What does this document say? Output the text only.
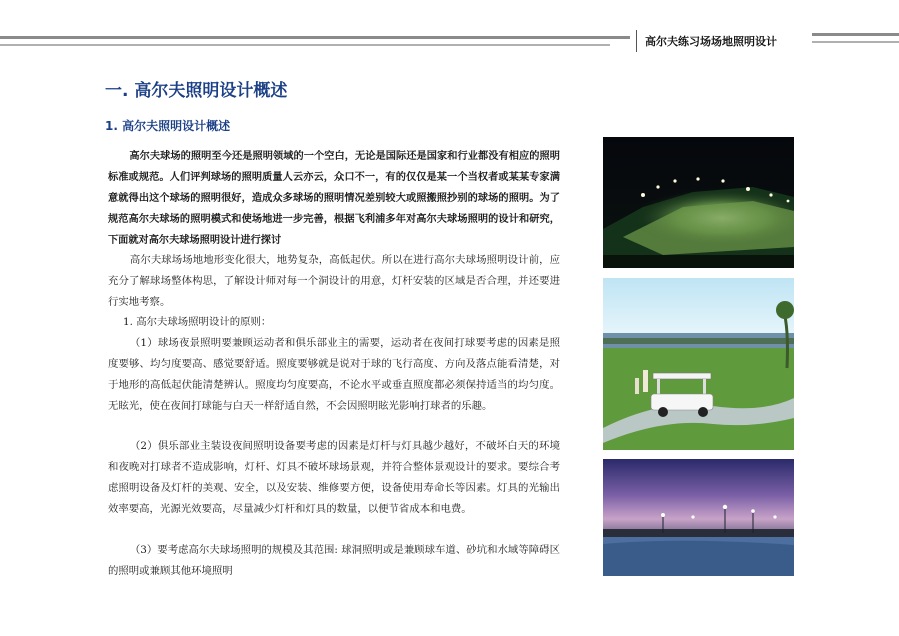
高尔夫练习场场地照明设计
一. 高尔夫照明设计概述
1. 高尔夫照明设计概述

高尔夫球场的照明至今还是照明领域的一个空白，无论是国际还是国家和行业都没有相应的照明标准或规范。人们评判球场的照明质量人云亦云，众口不一，有的仅仅是某一个当权者或某某专家满意就得出这个球场的照明很好，造成众多球场的照明情况差别较大或照搬照抄别的球场的照明。为了规范高尔夫球场的照明模式和使场地进一步完善，根据飞利浦多年对高尔夫球场照明的设计和研究，下面就对高尔夫球场照明设计进行探讨

高尔夫球场场地地形变化很大，地势复杂，高低起伏。所以在进行高尔夫球场照明设计前，应充分了解球场整体构思，了解设计师对每一个洞设计的用意，灯杆安装的区域是否合理，并还要进行实地考察。

1. 高尔夫球场照明设计的原则：

（1）球场夜景照明要兼顾运动者和俱乐部业主的需要，运动者在夜间打球要考虑的因素是照度要够、均匀度要高、感觉要舒适。照度要够就是说对于球的飞行高度、方向及落点能看清楚，对于地形的高低起伏能清楚辨认。照度均匀度要高，不论水平或垂直照度都必须保持适当的均匀度。 无眩光，使在夜间打球能与白天一样舒适自然，不会因照明眩光影响打球者的乐趣。

（2）俱乐部业主装设夜间照明设备要考虑的因素是灯杆与灯具越少越好，不破坏白天的环境和夜晚对打球者不造成影响，灯杆、灯具不破坏球场景观，并符合整体景观设计的要求。要综合考虑照明设备及灯杆的美观、安全，以及安装、维修要方便，设备使用寿命长等因素。灯具的光输出效率要高，光源光效要高，尽量减少灯杆和灯具的数量，以便节省成本和电费。

（3）要考虑高尔夫球场照明的规模及其范围: 球洞照明或是兼顾球车道、砂坑和水域等障碍区的照明或兼顾其他环境照明
